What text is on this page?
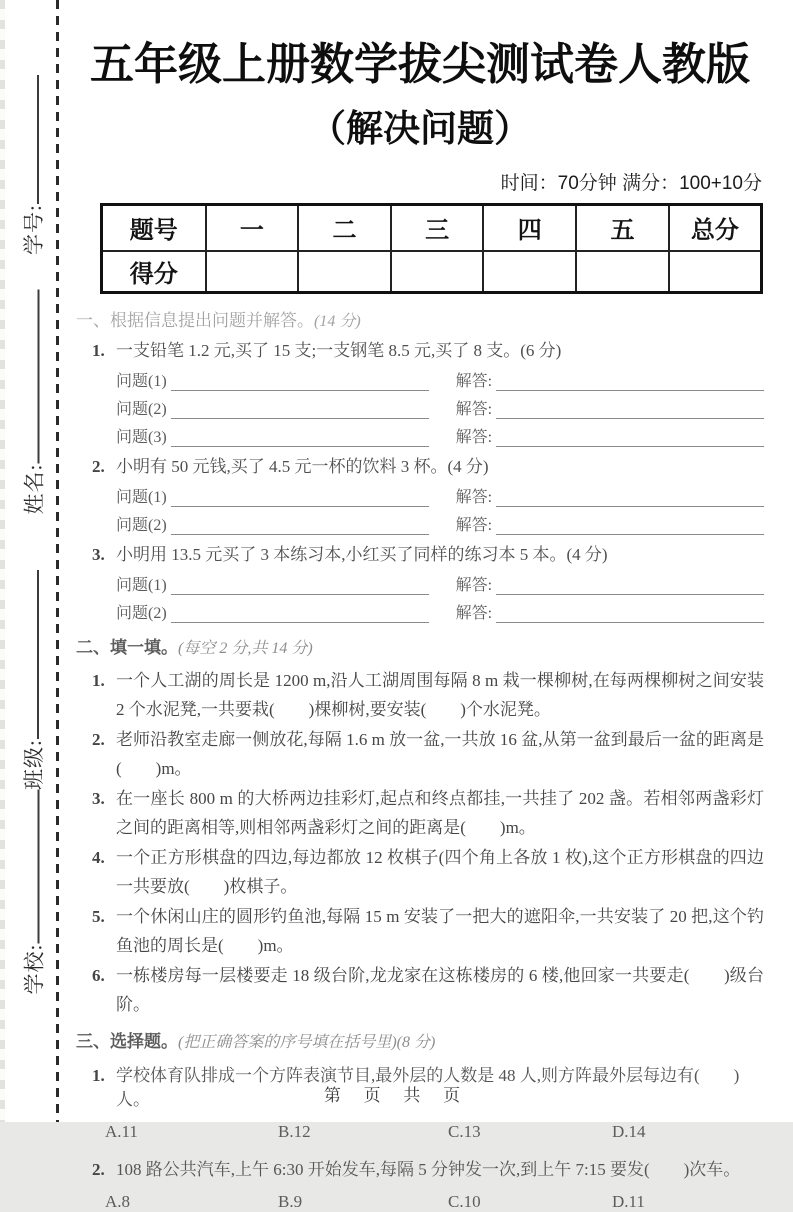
学号:
姓名:
班级:
学校:
五年级上册数学拔尖测试卷人教版
（解决问题）
时间：70分钟 满分：100+10分
题号	一	二	三	四	五	总分
得分						
一、根据信息提出问题并解答。(14 分)
1. 一支铅笔 1.2 元,买了 15 支;一支钢笔 8.5 元,买了 8 支。(6 分)
问题(1)	解答:
问题(2)	解答:
问题(3)	解答:
2. 小明有 50 元钱,买了 4.5 元一杯的饮料 3 杯。(4 分)
问题(1)	解答:
问题(2)	解答:
3. 小明用 13.5 元买了 3 本练习本,小红买了同样的练习本 5 本。(4 分)
问题(1)	解答:
问题(2)	解答:
二、填一填。(每空 2 分,共 14 分)
1. 一个人工湖的周长是 1200 m,沿人工湖周围每隔 8 m 栽一棵柳树,在每两棵柳树之间安装 2 个水泥凳,一共要栽(　　)棵柳树,要安装(　　)个水泥凳。
2. 老师沿教室走廊一侧放花,每隔 1.6 m 放一盆,一共放 16 盆,从第一盆到最后一盆的距离是(　　)m。
3. 在一座长 800 m 的大桥两边挂彩灯,起点和终点都挂,一共挂了 202 盏。若相邻两盏彩灯之间的距离相等,则相邻两盏彩灯之间的距离是(　　)m。
4. 一个正方形棋盘的四边,每边都放 12 枚棋子(四个角上各放 1 枚),这个正方形棋盘的四边一共要放(　　)枚棋子。
5. 一个休闲山庄的圆形钓鱼池,每隔 15 m 安装了一把大的遮阳伞,一共安装了 20 把,这个钓鱼池的周长是(　　)m。
6. 一栋楼房每一层楼要走 18 级台阶,龙龙家在这栋楼房的 6 楼,他回家一共要走(　　)级台阶。
三、选择题。(把正确答案的序号填在括号里)(8 分)
1. 学校体育队排成一个方阵表演节目,最外层的人数是 48 人,则方阵最外层每边有(　　)人。
A.11	B.12	C.13	D.14
2. 108 路公共汽车,上午 6:30 开始发车,每隔 5 分钟发一次,到上午 7:15 要发(　　)次车。
A.8	B.9	C.10	D.11
第 页 共 页
